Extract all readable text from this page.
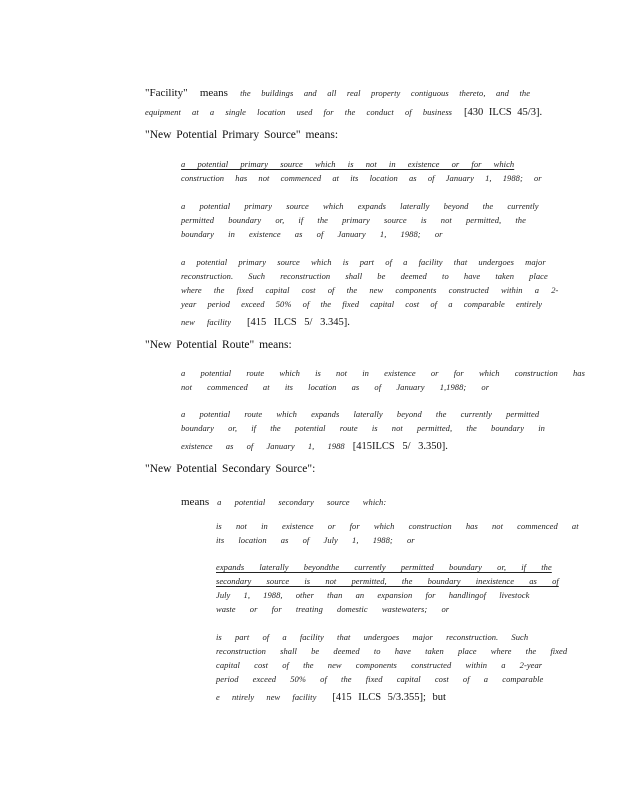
"Facility" means the buildings and all real property contiguous thereto, and the
equipment at a single location used for the conduct of business [430 ILCS 45/3].
"New Potential Primary Source" means:
a potential primary source which is not in existence or for which
construction has not commenced at its location as of January 1, 1988; or
a potential primary source which expands laterally beyond the currently
permitted boundary or, if the primary source is not permitted, the
boundary in existence as of January 1, 1988; or
a potential primary source which is part of a facility that undergoes major
reconstruction. Such reconstruction shall be deemed to have taken place
where the fixed capital cost of the new components constructed within a 2-
year period exceed 50% of the fixed capital cost of a comparable entirely
new facility [415 ILCS 5/ 3.345].
"New Potential Route" means:
a potential route which is not in existence or for which construction has
not commenced at its location as of January 1,1988; or
a potential route which expands laterally beyond the currently permitted
boundary or, if the potential route is not permitted, the boundary in
existence as of January 1, 1988 [415ILCS 5/ 3.350].
"New Potential Secondary Source":
means a potential secondary source which:
is not in existence or for which construction has not commenced at
its location as of July 1, 1988; or
expands laterally beyondthe currently permitted boundary or, if the
secondary source is not permitted, the boundary inexistence as of
July 1, 1988, other than an expansion for handlingof livestock
waste or for treating domestic wastewaters; or
is part of a facility that undergoes major reconstruction. Such
reconstruction shall be deemed to have taken place where the fixed
capital cost of the new components constructed within a 2-year
period exceed 50% of the fixed capital cost of a comparable
e ntirely new facility [415 ILCS 5/3.355]; but
